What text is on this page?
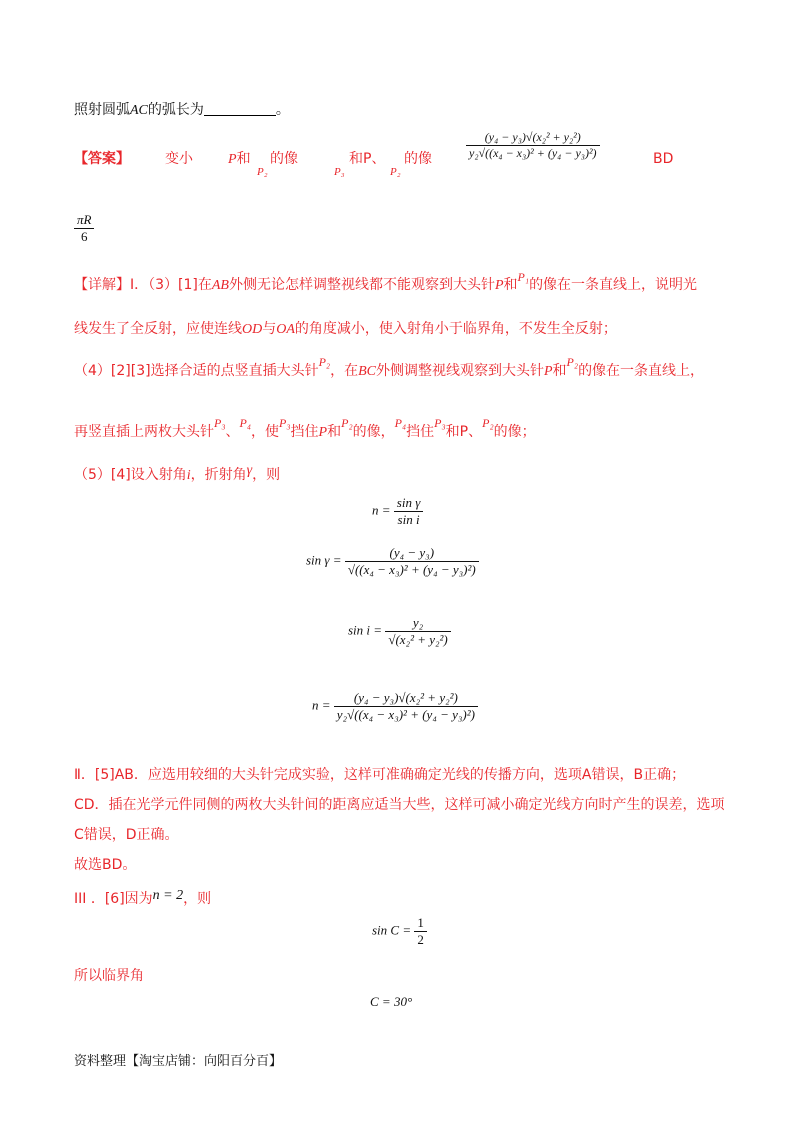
照射圆弧AC的弧长为	。
【答案】	变小	P和
P₂
的像
P₃
和P、
P₂
的像	$\frac{\text{(y₄ − y₃)√(x₂² + y₂²)}}{\text{y₂√((x₄ − x₃)² + (y₄ − y₃)²)}}$	BD
$\frac{\pi R}{6}$
【详解】Ⅰ．（3）[1]在AB外侧无论怎样调整视线都不能观察到大头针P和P₁的像在一条直线上，说明光
线发生了全反射，应使连线OD与OA的角度减小，使入射角小于临界角，不发生全反射；
（4）[2][3]选择合适的点竖直插大头针P₂，在BC外侧调整视线观察到大头针P和P₂的像在一条直线上，
再竖直插上两枚大头针P₃、P₄，使P₃挡住P和P₂的像，P₄挡住P₃和P、P₂的像；
（5）[4]设入射角i，折射角γ，则
$n = \frac{\text{sin γ}}{\text{sin i}}$
$\sin \gamma = \frac{\text{(y₄ − y₃)}}{\text{√((x₄ − x₃)² + (y₄ − y₃)²)}}$
$\sin i = \frac{\text{y₂}}{\text{√(x₂² + y₂²)}}$
$n = \frac{\text{(y₄ − y₃)√(x₂² + y₂²)}}{\text{y₂√((x₄ − x₃)² + (y₄ − y₃)²)}}$
Ⅱ．[5]AB．应选用较细的大头针完成实验，这样可准确确定光线的传播方向，选项A错误，B正确；
CD．插在光学元件同侧的两枚大头针间的距离应适当大些，这样可减小确定光线方向时产生的误差，选项
C错误，D正确。
故选BD。
III ．[6]因为n = 2，则
$\sin C = \frac{1}{2}$
所以临界角
C = 30°
资料整理【淘宝店铺：向阳百分百】
